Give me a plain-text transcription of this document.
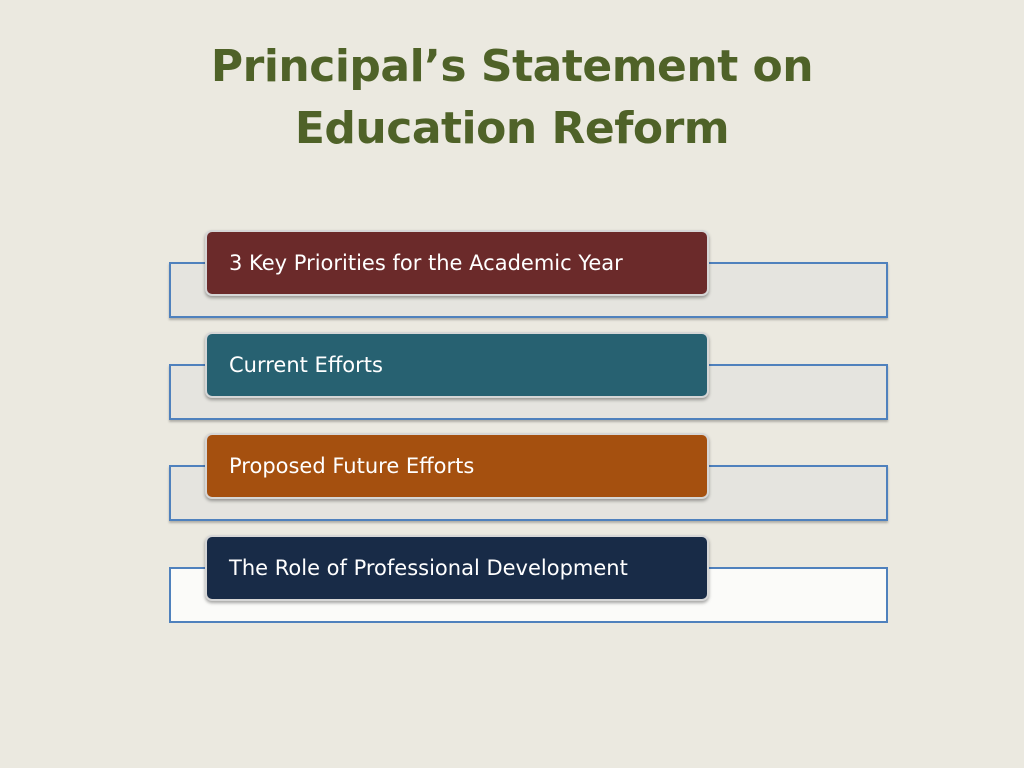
Principal’s Statement on
Education Reform
3 Key Priorities for the Academic Year
Current Efforts
Proposed Future Efforts
The Role of Professional Development
